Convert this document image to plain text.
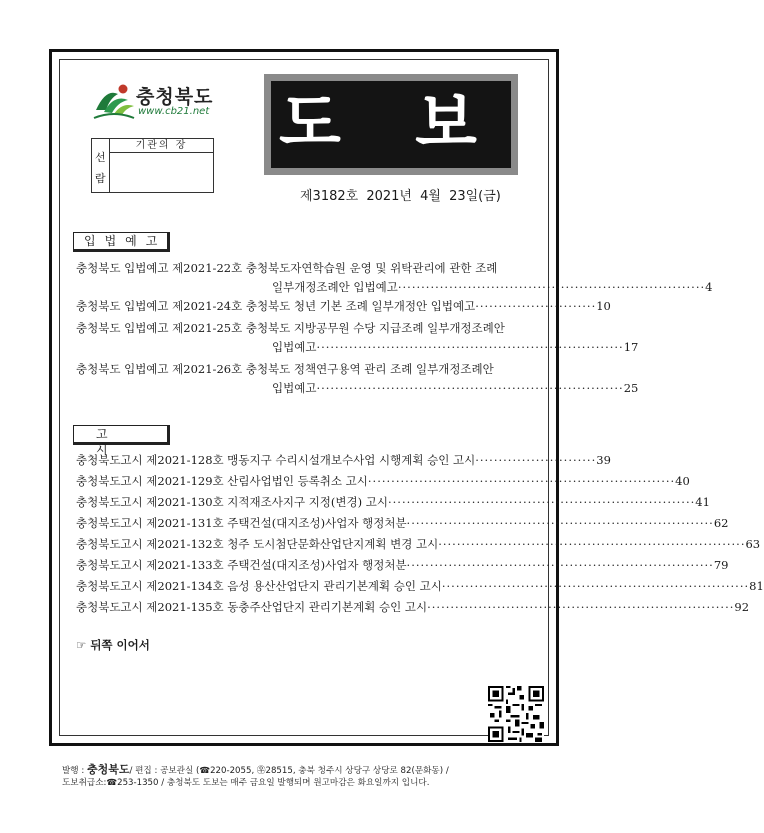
충청북도
www.cb21.net 도 보
선
람
기관의 장
제3182호 2021년 4월 23일(금)
입법예고
충청북도 입법예고 제2021-22호 충청북도자연학습원 운영 및 위탁관리에 관한 조례
일부개정조례안 입법예고 ·································································· 4
충청북도 입법예고 제2021-24호 충청북도 청년 기본 조례 일부개정안 입법예고 ·························· 10
충청북도 입법예고 제2021-25호 충청북도 지방공무원 수당 지급조례 일부개정조례안
입법예고 ·································································· 17
충청북도 입법예고 제2021-26호 충청북도 정책연구용역 관리 조례 일부개정조례안
입법예고 ·································································· 25
고시
충청북도고시 제2021-128호 맹동지구 수리시설개보수사업 시행계획 승인 고시 ·························· 39
충청북도고시 제2021-129호 산림사업법인 등록취소 고시 ·································································· 40
충청북도고시 제2021-130호 지적재조사지구 지정(변경) 고시 ·································································· 41
충청북도고시 제2021-131호 주택건설(대지조성)사업자 행정처분 ·································································· 62
충청북도고시 제2021-132호 청주 도시첨단문화산업단지계획 변경 고시 ·································································· 63
충청북도고시 제2021-133호 주택건설(대지조성)사업자 행정처분 ·································································· 79
충청북도고시 제2021-134호 음성 용산산업단지 관리기본계획 승인 고시 ·································································· 81
충청북도고시 제2021-135호 동충주산업단지 관리기본계획 승인 고시 ·································································· 92
☞ 뒤쪽 이어서
발행 : 충청북도/ 편집 : 공보관실 (☎220-2055, ㉾28515, 충북 청주시 상당구 상당로 82(문화동) /
도보취급소:☎253-1350 / 충청북도 도보는 매주 금요일 발행되며 원고마감은 화요일까지 입니다.
